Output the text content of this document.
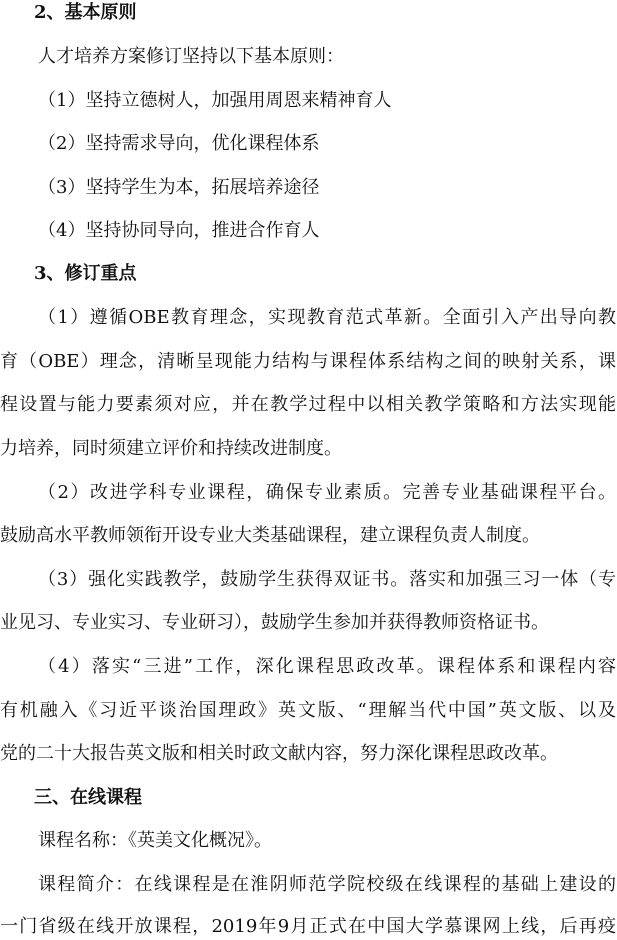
2、基本原则
人才培养方案修订坚持以下基本原则：
（1）坚持立德树人，加强用周恩来精神育人
（2）坚持需求导向，优化课程体系
（3）坚持学生为本，拓展培养途径
（4）坚持协同导向，推进合作育人
3、修订重点
（1）遵循OBE教育理念，实现教育范式革新。全面引入产出导向教
育（OBE）理念，清晰呈现能力结构与课程体系结构之间的映射关系，课
程设置与能力要素须对应，并在教学过程中以相关教学策略和方法实现能
力培养，同时须建立评价和持续改进制度。
（2）改进学科专业课程，确保专业素质。完善专业基础课程平台。
鼓励高水平教师领衔开设专业大类基础课程，建立课程负责人制度。
（3）强化实践教学，鼓励学生获得双证书。落实和加强三习一体（专
业见习、专业实习、专业研习），鼓励学生参加并获得教师资格证书。
（4）落实“三进”工作，深化课程思政改革。课程体系和课程内容
有机融入《习近平谈治国理政》英文版、“理解当代中国”英文版、以及
党的二十大报告英文版和相关时政文献内容，努力深化课程思政改革。
三、在线课程
课程名称：《英美文化概况》。
课程简介：在线课程是在淮阴师范学院校级在线课程的基础上建设的
一门省级在线开放课程，2019年9月正式在中国大学慕课网上线，后再疫
